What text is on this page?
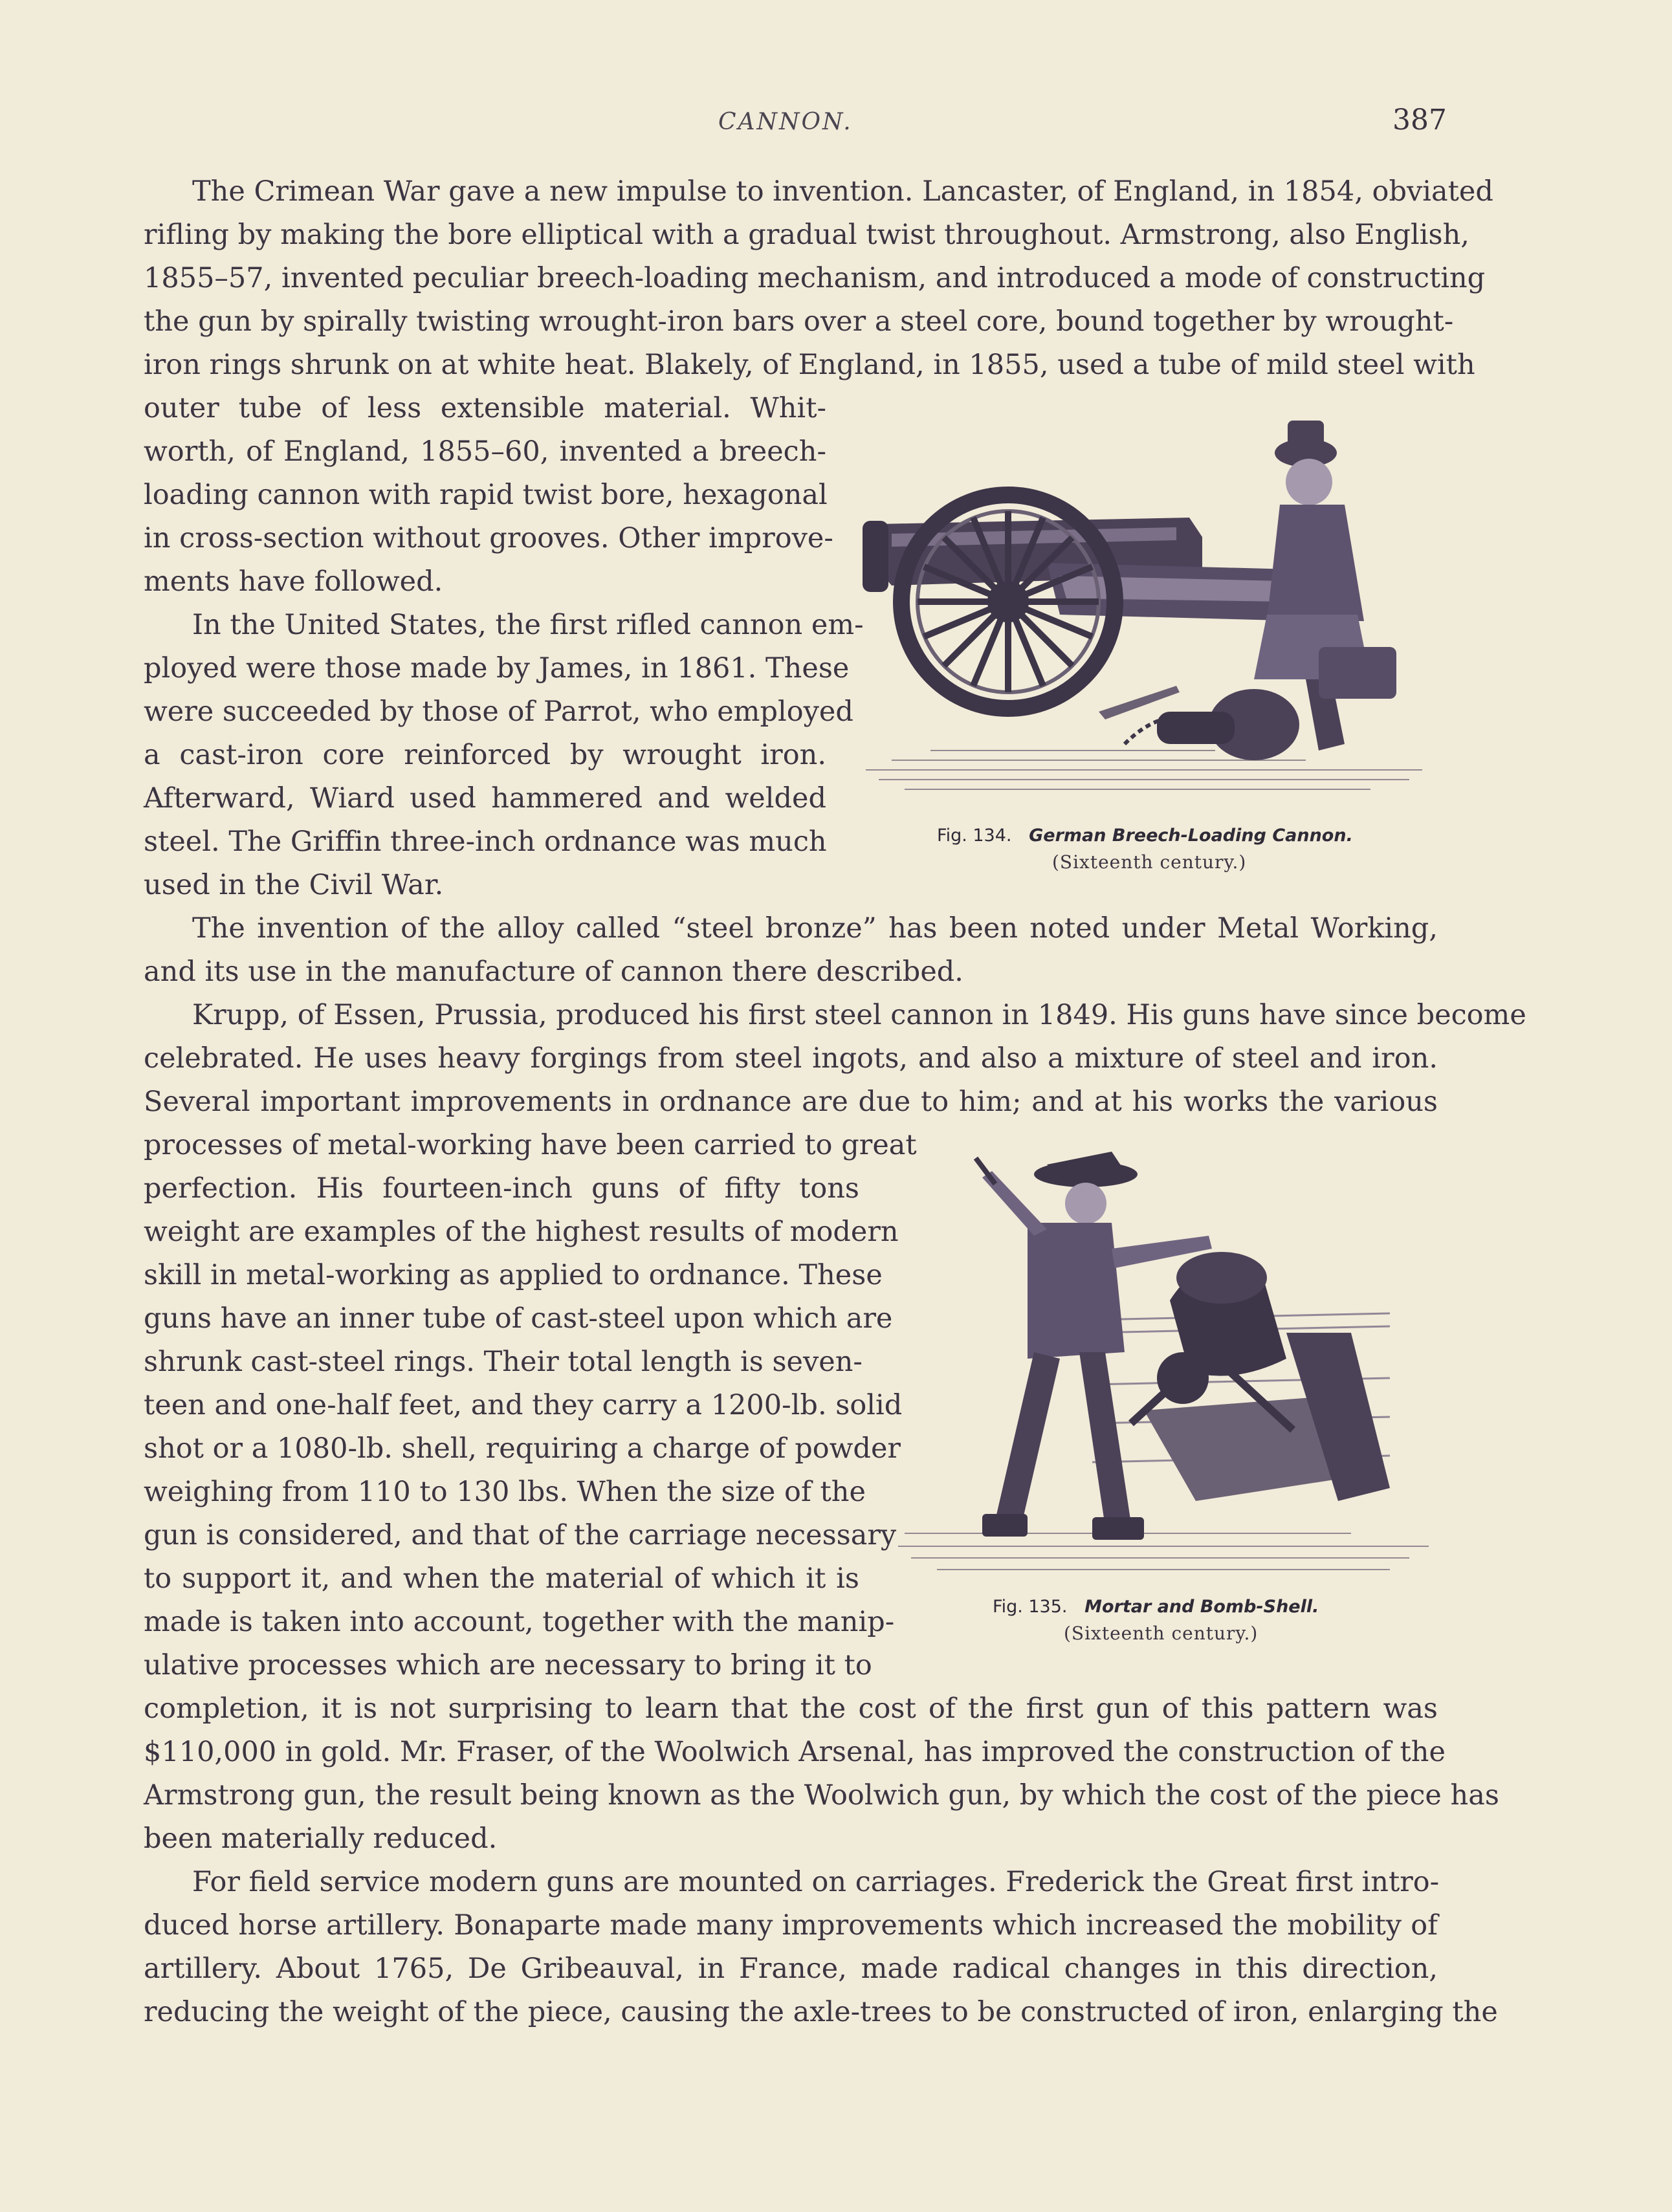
CANNON.	387

The Crimean War gave a new impulse to invention. Lancaster, of England, in 1854, obviated

rifling by making the bore elliptical with a gradual twist throughout. Armstrong, also English,

1855–57, invented peculiar breech-loading mechanism, and introduced a mode of constructing

the gun by spirally twisting wrought-iron bars over a steel core, bound together by wrought-

iron rings shrunk on at white heat. Blakely, of England, in 1855, used a tube of mild steel with

outer tube of less extensible material. Whit-

worth, of England, 1855–60, invented a breech-

loading cannon with rapid twist bore, hexagonal

in cross-section without grooves. Other improve-

ments have followed.

In the United States, the first rifled cannon em-

ployed were those made by James, in 1861. These

were succeeded by those of Parrot, who employed

a cast-iron core reinforced by wrought iron.

Afterward, Wiard used hammered and welded

steel. The Griffin three-inch ordnance was much

used in the Civil War.

The invention of the alloy called “steel bronze” has been noted under Metal Working,

and its use in the manufacture of cannon there described.

Krupp, of Essen, Prussia, produced his first steel cannon in 1849. His guns have since become

celebrated. He uses heavy forgings from steel ingots, and also a mixture of steel and iron.

Several important improvements in ordnance are due to him; and at his works the various

processes of metal-working have been carried to great

perfection. His fourteen-inch guns of fifty tons

weight are examples of the highest results of modern

skill in metal-working as applied to ordnance. These

guns have an inner tube of cast-steel upon which are

shrunk cast-steel rings. Their total length is seven-

teen and one-half feet, and they carry a 1200-lb. solid

shot or a 1080-lb. shell, requiring a charge of powder

weighing from 110 to 130 lbs. When the size of the

gun is considered, and that of the carriage necessary

to support it, and when the material of which it is

made is taken into account, together with the manip-

ulative processes which are necessary to bring it to

completion, it is not surprising to learn that the cost of the first gun of this pattern was

$110,000 in gold. Mr. Fraser, of the Woolwich Arsenal, has improved the construction of the

Armstrong gun, the result being known as the Woolwich gun, by which the cost of the piece has

been materially reduced.

For field service modern guns are mounted on carriages. Frederick the Great first intro-

duced horse artillery. Bonaparte made many improvements which increased the mobility of

artillery. About 1765, De Gribeauval, in France, made radical changes in this direction,

reducing the weight of the piece, causing the axle-trees to be constructed of iron, enlarging the

Fig. 134. German Breech-Loading Cannon.
(Sixteenth century.)
Fig. 135. Mortar and Bomb-Shell.
(Sixteenth century.)
